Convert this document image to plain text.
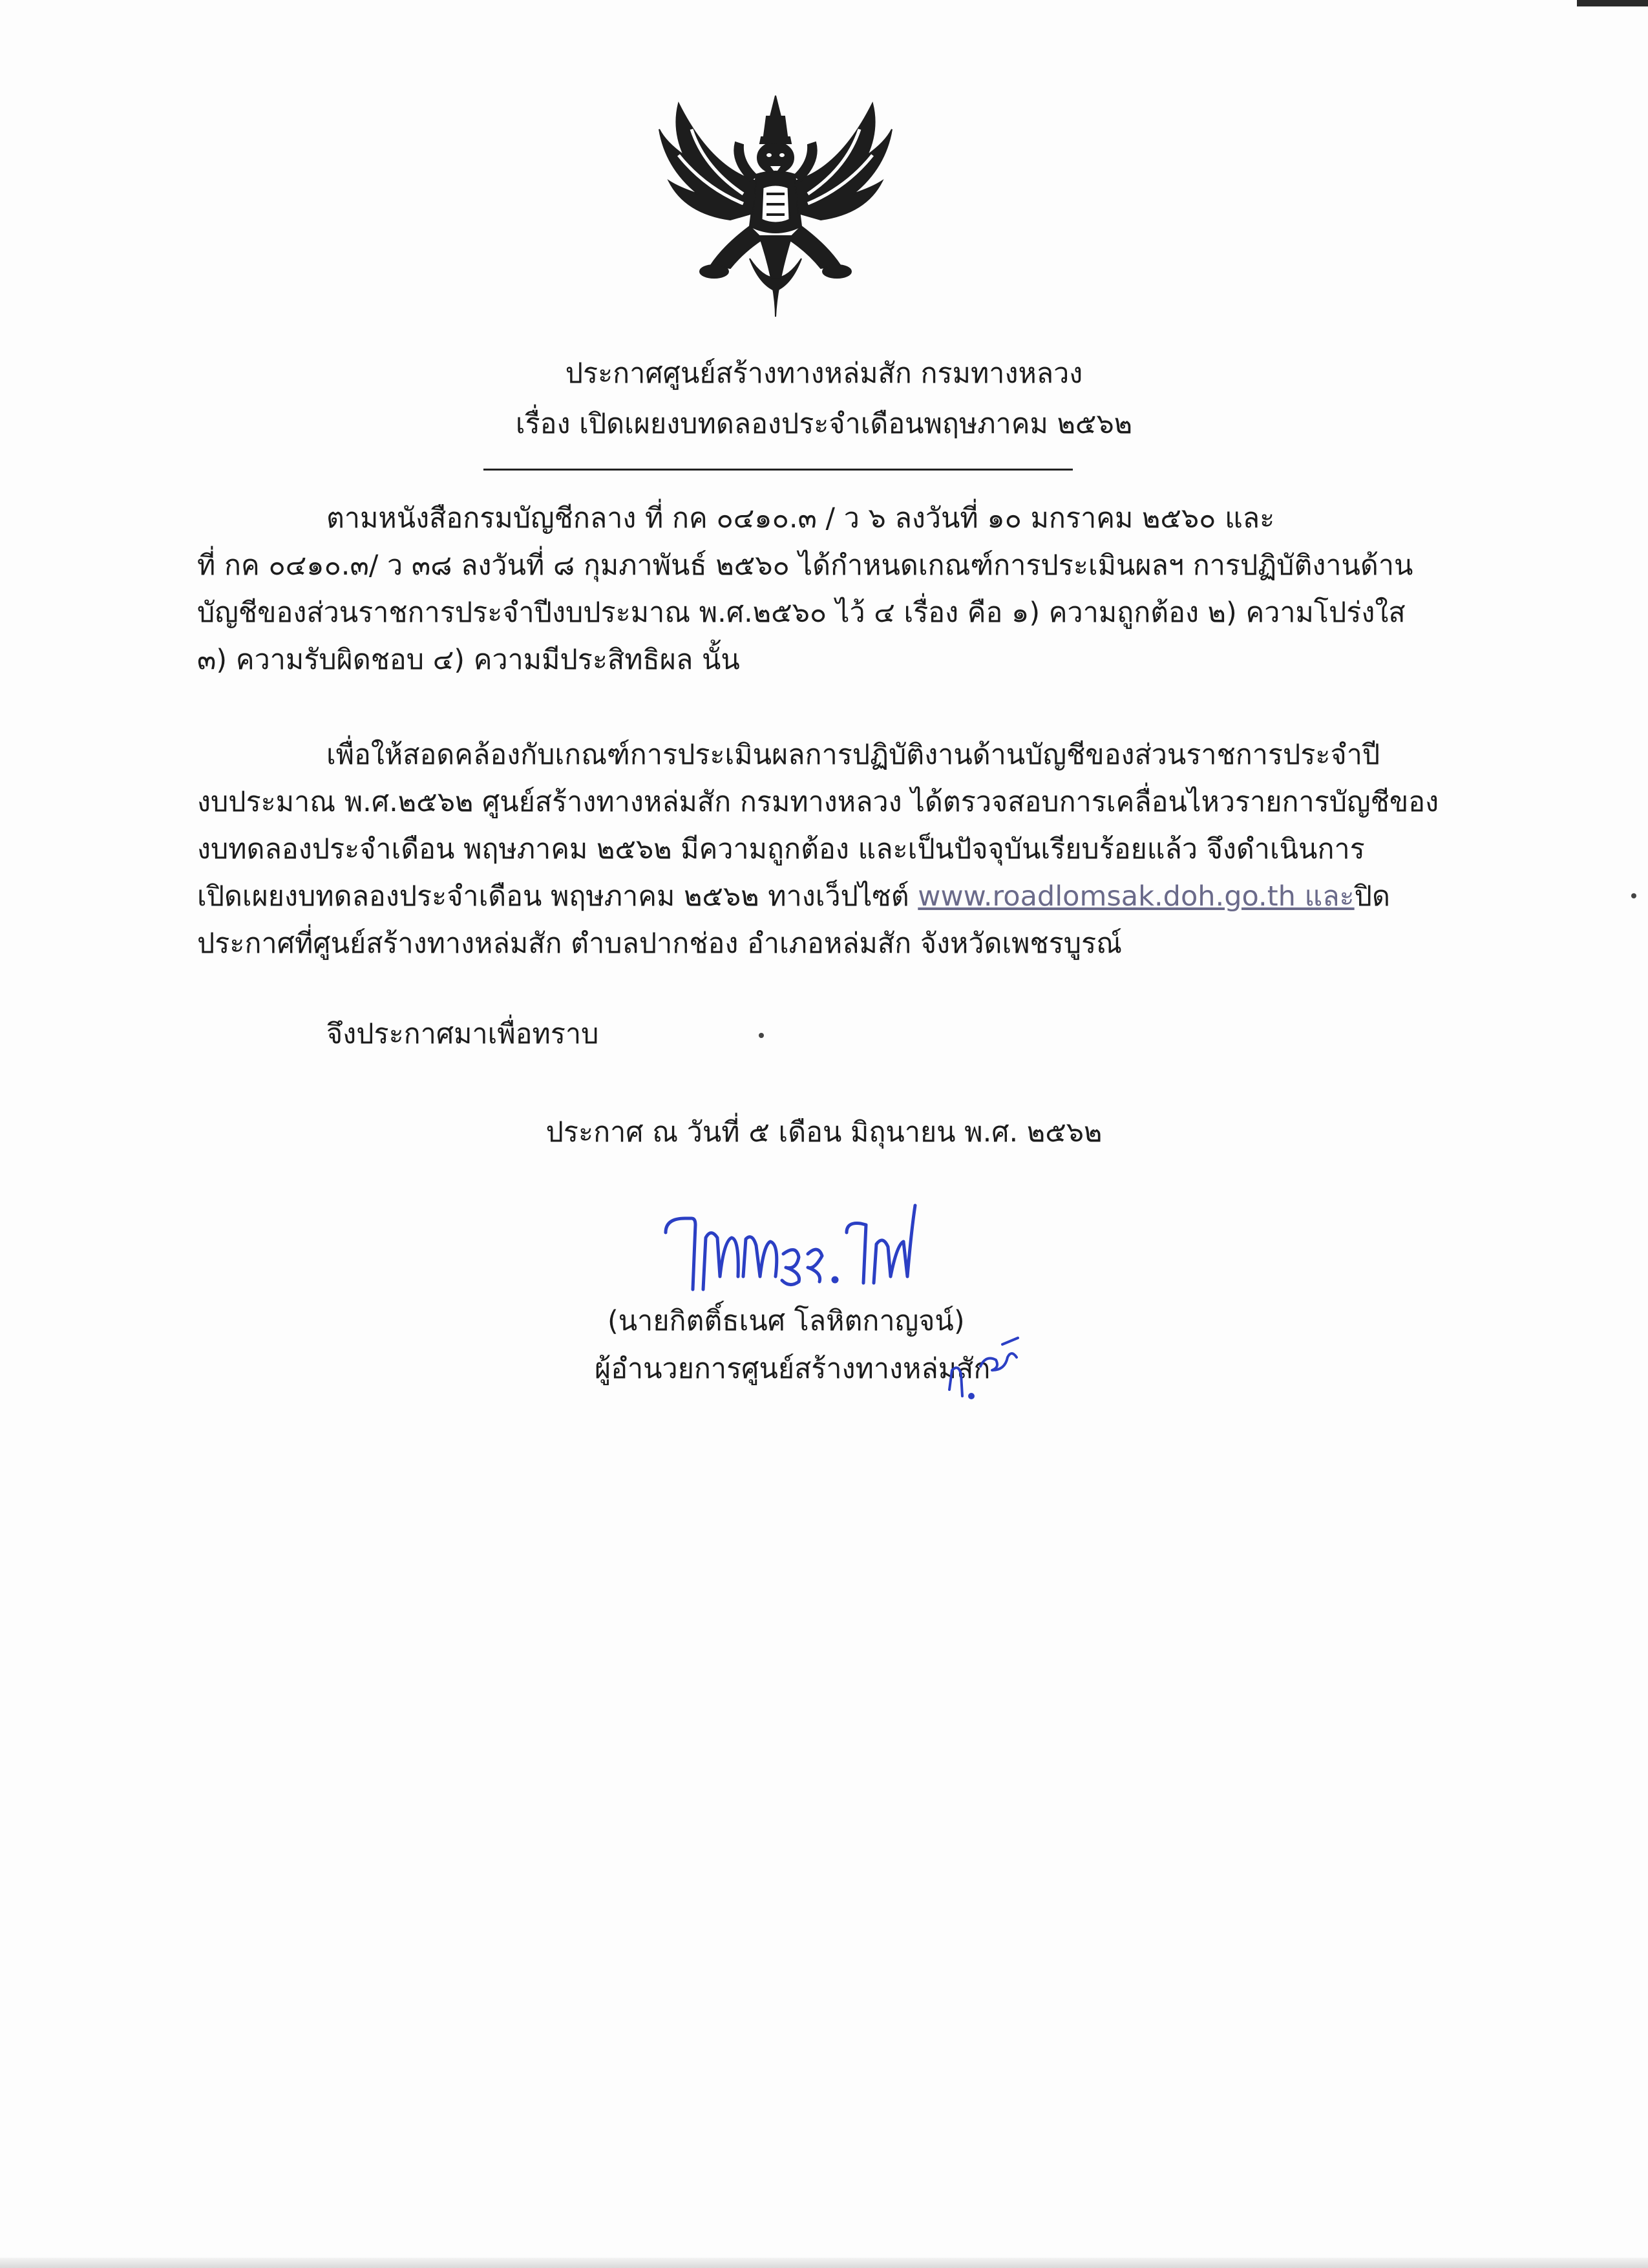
ประกาศศูนย์สร้างทางหล่มสัก กรมทางหลวง
เรื่อง เปิดเผยงบทดลองประจำเดือนพฤษภาคม ๒๕๖๒
ตามหนังสือกรมบัญชีกลาง ที่ กค ๐๔๑๐.๓ / ว ๖ ลงวันที่ ๑๐ มกราคม ๒๕๖๐ และ
ที่ กค ๐๔๑๐.๓/ ว ๓๘ ลงวันที่ ๘ กุมภาพันธ์ ๒๕๖๐ ได้กำหนดเกณฑ์การประเมินผลฯ การปฏิบัติงานด้าน
บัญชีของส่วนราชการประจำปีงบประมาณ พ.ศ.๒๕๖๐ ไว้ ๔ เรื่อง คือ ๑) ความถูกต้อง ๒) ความโปร่งใส
๓) ความรับผิดชอบ ๔) ความมีประสิทธิผล นั้น
เพื่อให้สอดคล้องกับเกณฑ์การประเมินผลการปฏิบัติงานด้านบัญชีของส่วนราชการประจำปี
งบประมาณ พ.ศ.๒๕๖๒ ศูนย์สร้างทางหล่มสัก กรมทางหลวง ได้ตรวจสอบการเคลื่อนไหวรายการบัญชีของ
งบทดลองประจำเดือน พฤษภาคม ๒๕๖๒ มีความถูกต้อง และเป็นปัจจุบันเรียบร้อยแล้ว จึงดำเนินการ
เปิดเผยงบทดลองประจำเดือน พฤษภาคม ๒๕๖๒ ทางเว็ปไซต์ www.roadlomsak.doh.go.th และปิด
ประกาศที่ศูนย์สร้างทางหล่มสัก ตำบลปากช่อง อำเภอหล่มสัก จังหวัดเพชรบูรณ์
จึงประกาศมาเพื่อทราบ
ประกาศ ณ วันที่ ๕ เดือน มิถุนายน พ.ศ. ๒๕๖๒
(นายกิตติ์ธเนศ โลหิตกาญจน์)
ผู้อำนวยการศูนย์สร้างทางหล่มสัก
